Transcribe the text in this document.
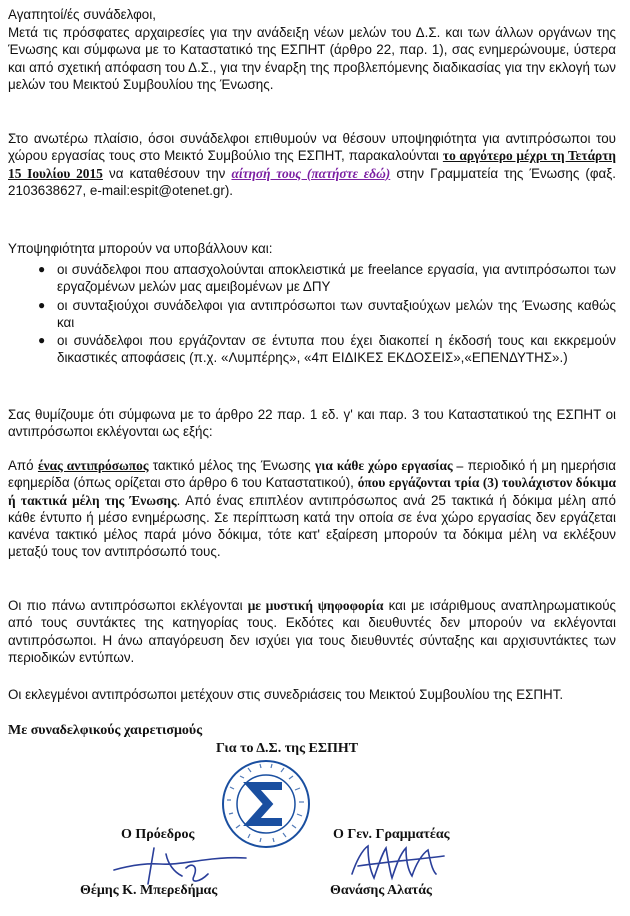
Αγαπητοί/ές συνάδελφοι,

Μετά τις πρόσφατες αρχαιρεσίες για την ανάδειξη νέων μελών του Δ.Σ. και των άλλων οργάνων της Ένωσης και σύμφωνα με το Καταστατικό της ΕΣΠΗΤ (άρθρο 22, παρ. 1), σας ενημερώνουμε, ύστερα και από σχετική απόφαση του Δ.Σ., για την έναρξη της προβλεπόμενης διαδικασίας για την εκλογή των μελών του Μεικτού Συμβουλίου της Ένωσης.

Στο ανωτέρω πλαίσιο, όσοι συνάδελφοι επιθυμούν να θέσουν υποψηφιότητα για αντιπρόσωποι του χώρου εργασίας τους στο Μεικτό Συμβούλιο της ΕΣΠΗΤ, παρακαλούνται το αργότερο μέχρι τη Τετάρτη 15 Ιουλίου 2015 να καταθέσουν την αίτησή τους (πατήστε εδώ) στην Γραμματεία της Ένωσης (φαξ. 2103638627, e-mail:espit@otenet.gr).

Υποψηφιότητα μπορούν να υποβάλλουν και:

● οι συνάδελφοι που απασχολούνται αποκλειστικά με freelance εργασία, για αντιπρόσωποι των εργαζομένων μελών μας αμειβομένων με ΔΠΥ
● οι συνταξιούχοι συνάδελφοι για αντιπρόσωποι των συνταξιούχων μελών της Ένωσης καθώς και
● οι συνάδελφοι που εργάζονταν σε έντυπα που έχει διακοπεί η έκδοσή τους και εκκρεμούν δικαστικές αποφάσεις (π.χ. «Λυμπέρης», «4π ΕΙΔΙΚΕΣ ΕΚΔΟΣΕΙΣ»,«ΕΠΕΝΔΥΤΗΣ».)

Σας θυμίζουμε ότι σύμφωνα με το άρθρο 22 παρ. 1 εδ. γ' και παρ. 3 του Καταστατικού της ΕΣΠΗΤ οι αντιπρόσωποι εκλέγονται ως εξής:

Από ένας αντιπρόσωπος τακτικό μέλος της Ένωσης για κάθε χώρο εργασίας – περιοδικό ή μη ημερήσια εφημερίδα (όπως ορίζεται στο άρθρο 6 του Καταστατικού), όπου εργάζονται τρία (3) τουλάχιστον δόκιμα ή τακτικά μέλη της Ένωσης. Από ένας επιπλέον αντιπρόσωπος ανά 25 τακτικά ή δόκιμα μέλη από κάθε έντυπο ή μέσο ενημέρωσης. Σε περίπτωση κατά την οποία σε ένα χώρο εργασίας δεν εργάζεται κανένα τακτικό μέλος παρά μόνο δόκιμα, τότε κατ' εξαίρεση μπορούν τα δόκιμα μέλη να εκλέξουν μεταξύ τους τον αντιπρόσωπό τους.

Οι πιο πάνω αντιπρόσωποι εκλέγονται με μυστική ψηφοφορία και με ισάριθμους αναπληρωματικούς από τους συντάκτες της κατηγορίας τους. Εκδότες και διευθυντές δεν μπορούν να εκλέγονται αντιπρόσωποι. Η άνω απαγόρευση δεν ισχύει για τους διευθυντές σύνταξης και αρχισυντάκτες των περιοδικών εντύπων.

Οι εκλεγμένοι αντιπρόσωποι μετέχουν στις συνεδριάσεις του Μεικτού Συμβουλίου της ΕΣΠΗΤ.

Με συναδελφικούς χαιρετισμούς
Για το Δ.Σ. της ΕΣΠΗΤ
Ο Πρόεδρος	Ο Γεν. Γραμματέας
Θέμης Κ. Μπερεδήμας	Θανάσης Αλατάς
